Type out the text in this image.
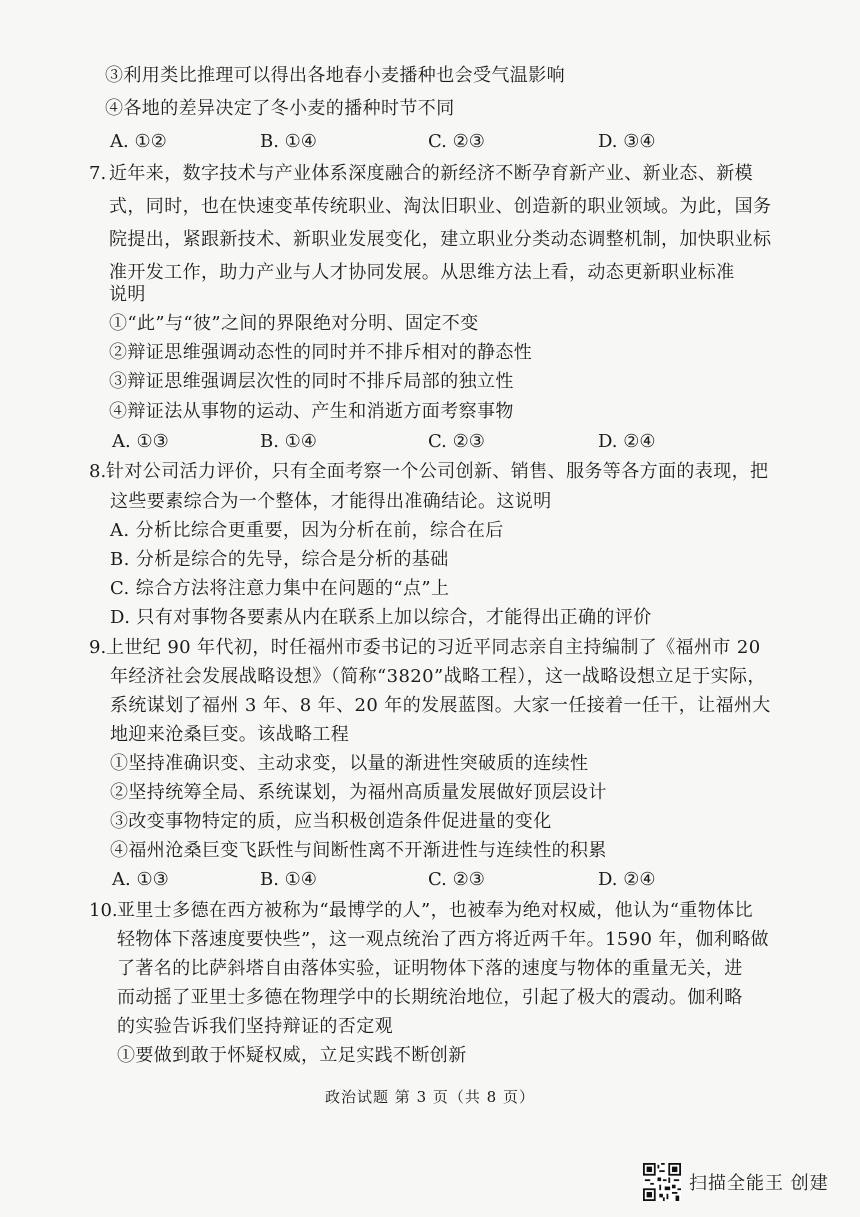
③利用类比推理可以得出各地春小麦播种也会受气温影响
④各地的差异决定了冬小麦的播种时节不同
A. ①②	B. ①④	C. ②③	D. ③④
7. 近年来，数字技术与产业体系深度融合的新经济不断孕育新产业、新业态、新模
式，同时，也在快速变革传统职业、淘汰旧职业、创造新的职业领域。为此，国务
院提出，紧跟新技术、新职业发展变化，建立职业分类动态调整机制，加快职业标
准开发工作，助力产业与人才协同发展。从思维方法上看，动态更新职业标准
说明
①“此”与“彼”之间的界限绝对分明、固定不变
②辩证思维强调动态性的同时并不排斥相对的静态性
③辩证思维强调层次性的同时不排斥局部的独立性
④辩证法从事物的运动、产生和消逝方面考察事物
A. ①③	B. ①④	C. ②③	D. ②④
8. 针对公司活力评价，只有全面考察一个公司创新、销售、服务等各方面的表现，把
这些要素综合为一个整体，才能得出准确结论。这说明
A. 分析比综合更重要，因为分析在前，综合在后
B. 分析是综合的先导，综合是分析的基础
C. 综合方法将注意力集中在问题的“点”上
D. 只有对事物各要素从内在联系上加以综合，才能得出正确的评价
9. 上世纪 90 年代初，时任福州市委书记的习近平同志亲自主持编制了《福州市 20
年经济社会发展战略设想》（简称“3820”战略工程），这一战略设想立足于实际，
系统谋划了福州 3 年、8 年、20 年的发展蓝图。大家一任接着一任干，让福州大
地迎来沧桑巨变。该战略工程
①坚持准确识变、主动求变，以量的渐进性突破质的连续性
②坚持统筹全局、系统谋划，为福州高质量发展做好顶层设计
③改变事物特定的质，应当积极创造条件促进量的变化
④福州沧桑巨变飞跃性与间断性离不开渐进性与连续性的积累
A. ①③	B. ①④	C. ②③	D. ②④
10. 亚里士多德在西方被称为“最博学的人”，也被奉为绝对权威，他认为“重物体比
轻物体下落速度要快些”，这一观点统治了西方将近两千年。1590 年，伽利略做
了著名的比萨斜塔自由落体实验，证明物体下落的速度与物体的重量无关，进
而动摇了亚里士多德在物理学中的长期统治地位，引起了极大的震动。伽利略
的实验告诉我们坚持辩证的否定观
①要做到敢于怀疑权威，立足实践不断创新
政治试题 第 3 页（共 8 页）
扫描全能王 创建
